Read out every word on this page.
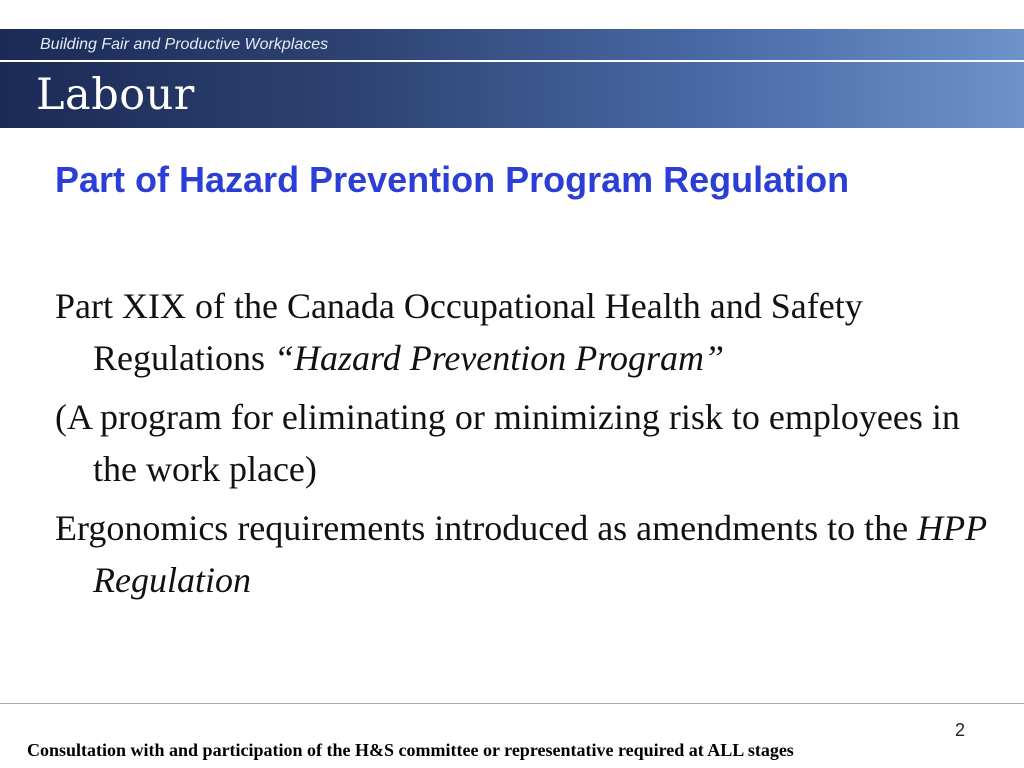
Building Fair and Productive Workplaces
Labour
Part of Hazard Prevention Program Regulation
Part XIX of the Canada Occupational Health and Safety Regulations “Hazard Prevention Program”
(A program for eliminating or minimizing risk to employees in the work place)
Ergonomics requirements introduced as amendments to the HPP Regulation
2
Consultation with and participation of the H&S committee or representative required at ALL stages
